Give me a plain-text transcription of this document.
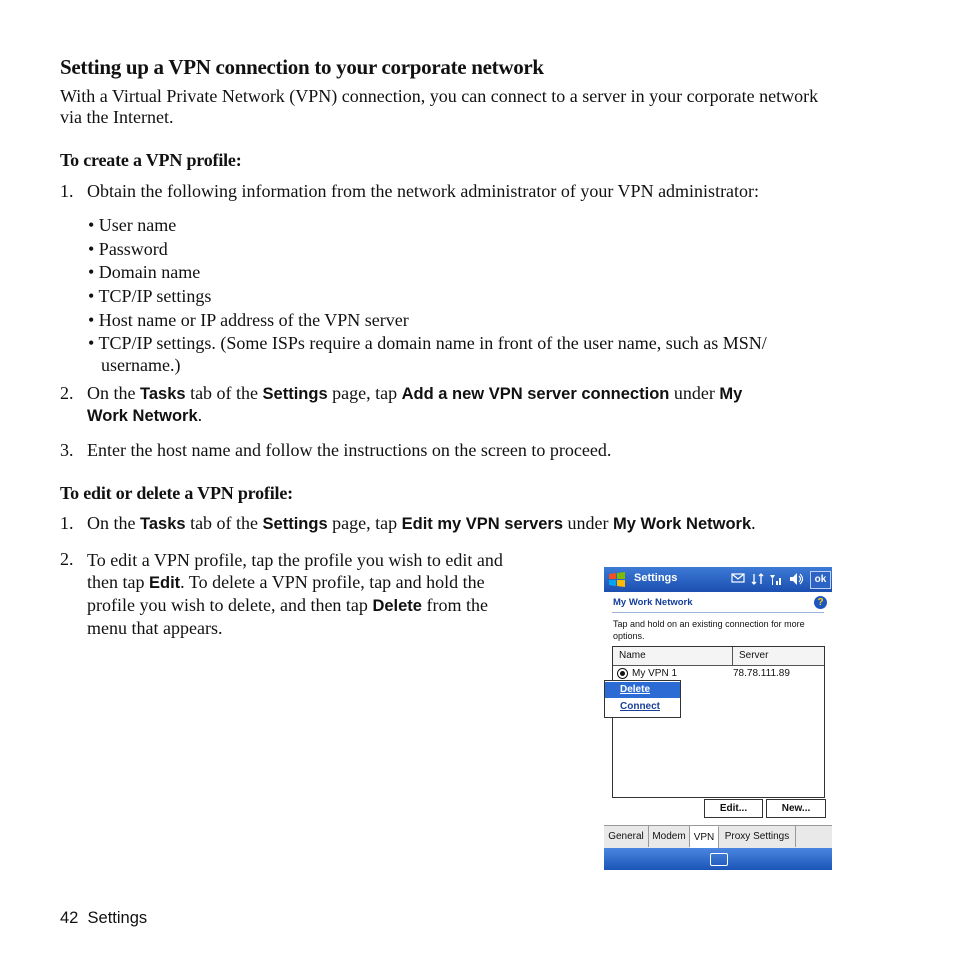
Setting up a VPN connection to your corporate network
With a Virtual Private Network (VPN) connection, you can connect to a server in your corporate network via the Internet.
To create a VPN profile:
1. Obtain the following information from the network administrator of your VPN administrator:
• User name
• Password
• Domain name
• TCP/IP settings
• Host name or IP address of the VPN server
• TCP/IP settings. (Some ISPs require a domain name in front of the user name, such as MSN/
username.)
2. On the Tasks tab of the Settings page, tap Add a new VPN server connection under My
Work Network.
3. Enter the host name and follow the instructions on the screen to proceed.
To edit or delete a VPN profile:
1. On the Tasks tab of the Settings page, tap Edit my VPN servers under My Work Network.
2. To edit a VPN profile, tap the profile you wish to edit and
then tap Edit. To delete a VPN profile, tap and hold the
profile you wish to delete, and then tap Delete from the
menu that appears.
Settings	ok
My Work Network	?
Tap and hold on an existing connection for more options.
Name	Server
My VPN 1	78.78.111.89
Delete
Connect
Edit...	New...
General Modem VPN	Proxy Settings
42 Settings
